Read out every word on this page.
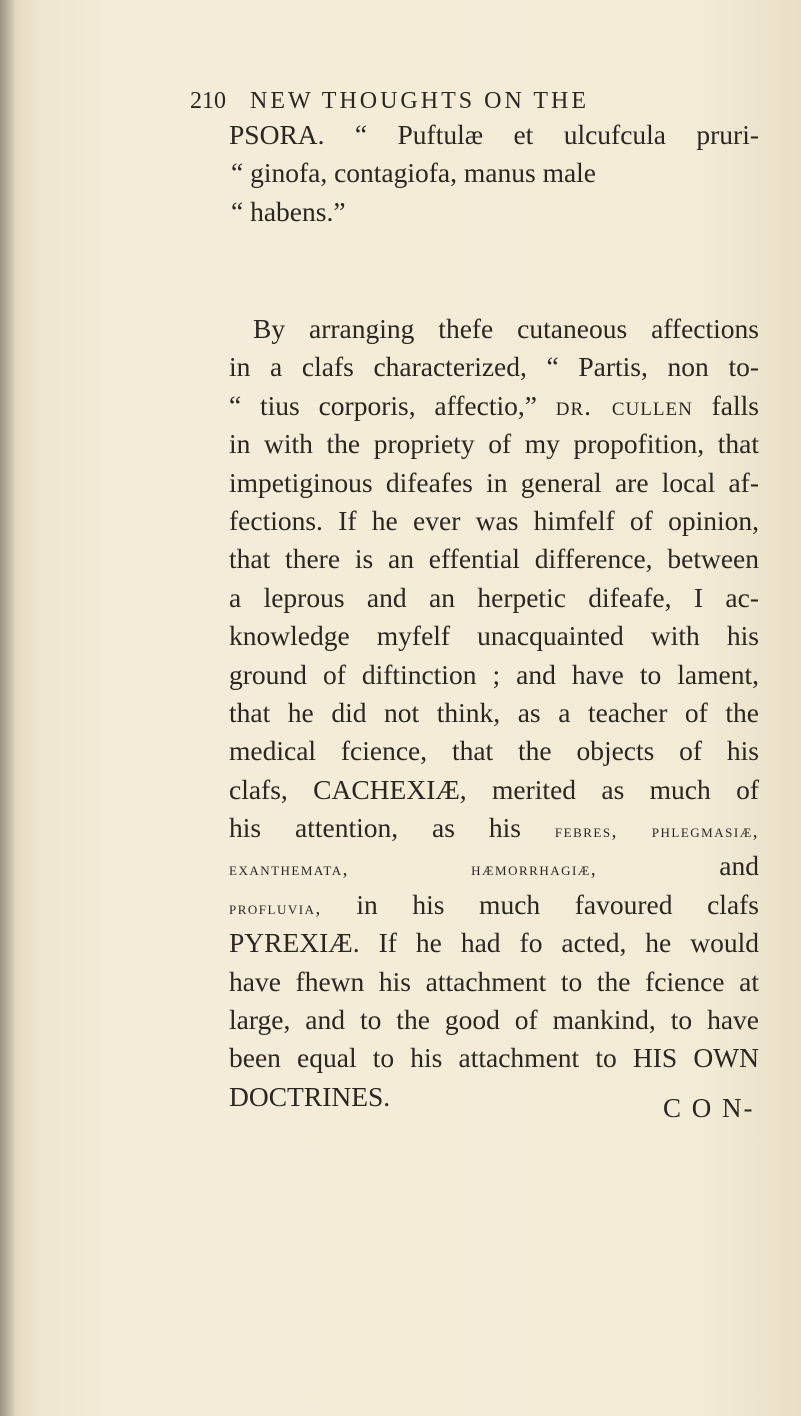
210 NEW THOUGHTS ON THE
PSORA. “ Puftulæ et ulcufcula pruri-
“ ginofa, contagiofa, manus male
“ habens.”
By arranging thefe cutaneous affections
in a clafs characterized, “ Partis, non to-
“ tius corporis, affectio,” dr. cullen falls
in with the propriety of my propofition, that
impetiginous difeafes in general are local af-
fections. If he ever was himfelf of opinion,
that there is an effential difference, between
a leprous and an herpetic difeafe, I ac-
knowledge myfelf unacquainted with his
ground of diftinction ; and have to lament,
that he did not think, as a teacher of the
medical fcience, that the objects of his
clafs, CACHEXIÆ, merited as much of
his attention, as his febres, phlegmasiæ,
exanthemata,	hæmorrhagiæ,	and
profluvia, in his much favoured clafs
PYREXIÆ. If he had fo acted, he would
have fhewn his attachment to the fcience at
large, and to the good of mankind, to have
been equal to his attachment to HIS OWN
DOCTRINES.	C O N-
